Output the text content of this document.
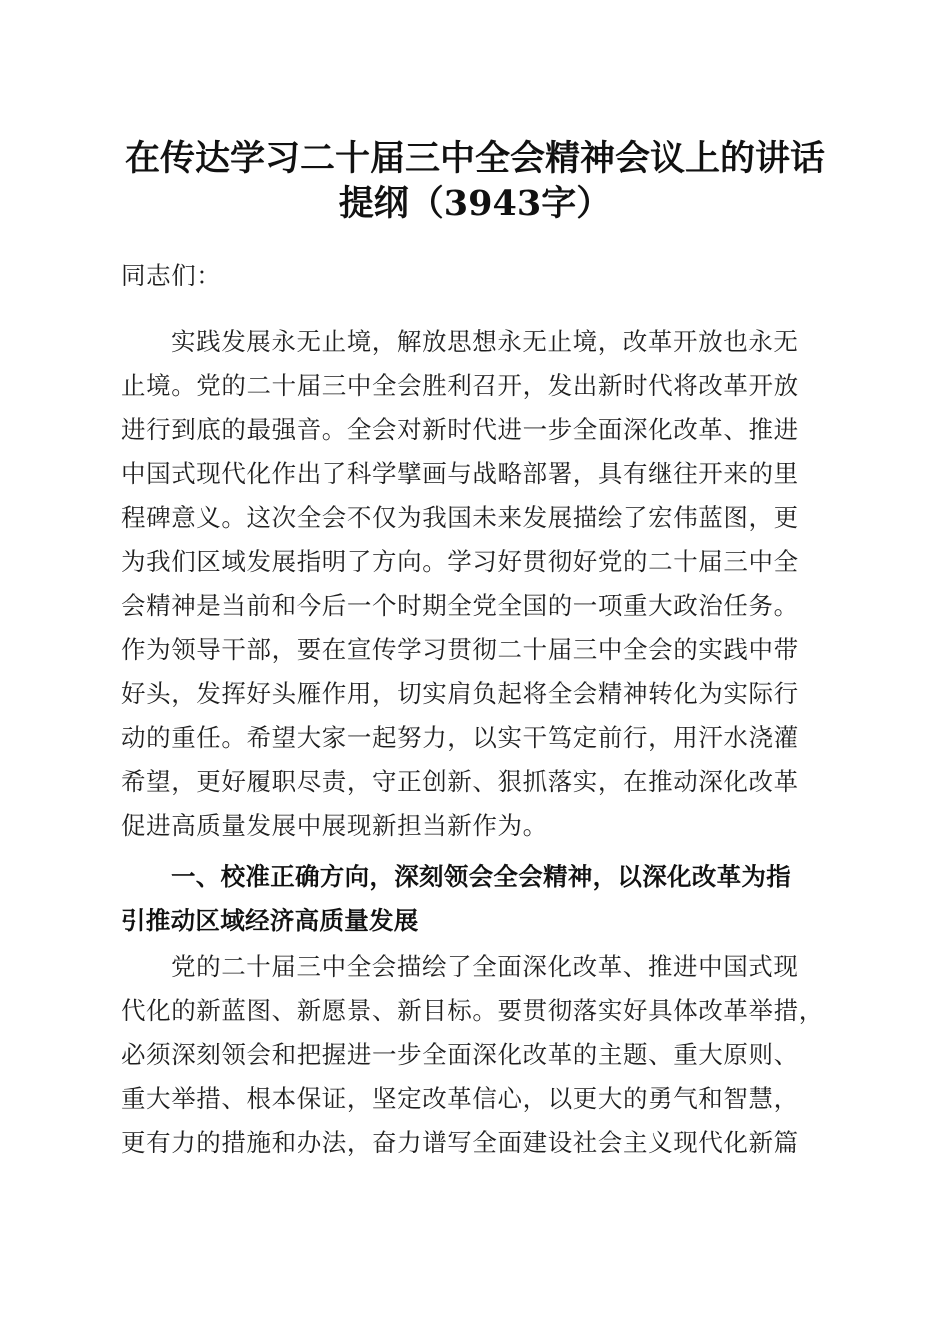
在传达学习二十届三中全会精神会议上的讲话
提纲（3943字）
同志们：
实践发展永无止境，解放思想永无止境，改革开放也永无
止境。党的二十届三中全会胜利召开，发出新时代将改革开放
进行到底的最强音。全会对新时代进一步全面深化改革、推进
中国式现代化作出了科学擘画与战略部署，具有继往开来的里
程碑意义。这次全会不仅为我国未来发展描绘了宏伟蓝图，更
为我们区域发展指明了方向。学习好贯彻好党的二十届三中全
会精神是当前和今后一个时期全党全国的一项重大政治任务。
作为领导干部，要在宣传学习贯彻二十届三中全会的实践中带
好头，发挥好头雁作用，切实肩负起将全会精神转化为实际行
动的重任。希望大家一起努力，以实干笃定前行，用汗水浇灌
希望，更好履职尽责，守正创新、狠抓落实，在推动深化改革
促进高质量发展中展现新担当新作为。
一、校准正确方向，深刻领会全会精神，以深化改革为指
引推动区域经济高质量发展
党的二十届三中全会描绘了全面深化改革、推进中国式现
代化的新蓝图、新愿景、新目标。要贯彻落实好具体改革举措，
必须深刻领会和把握进一步全面深化改革的主题、重大原则、
重大举措、根本保证，坚定改革信心，以更大的勇气和智慧，
更有力的措施和办法，奋力谱写全面建设社会主义现代化新篇
